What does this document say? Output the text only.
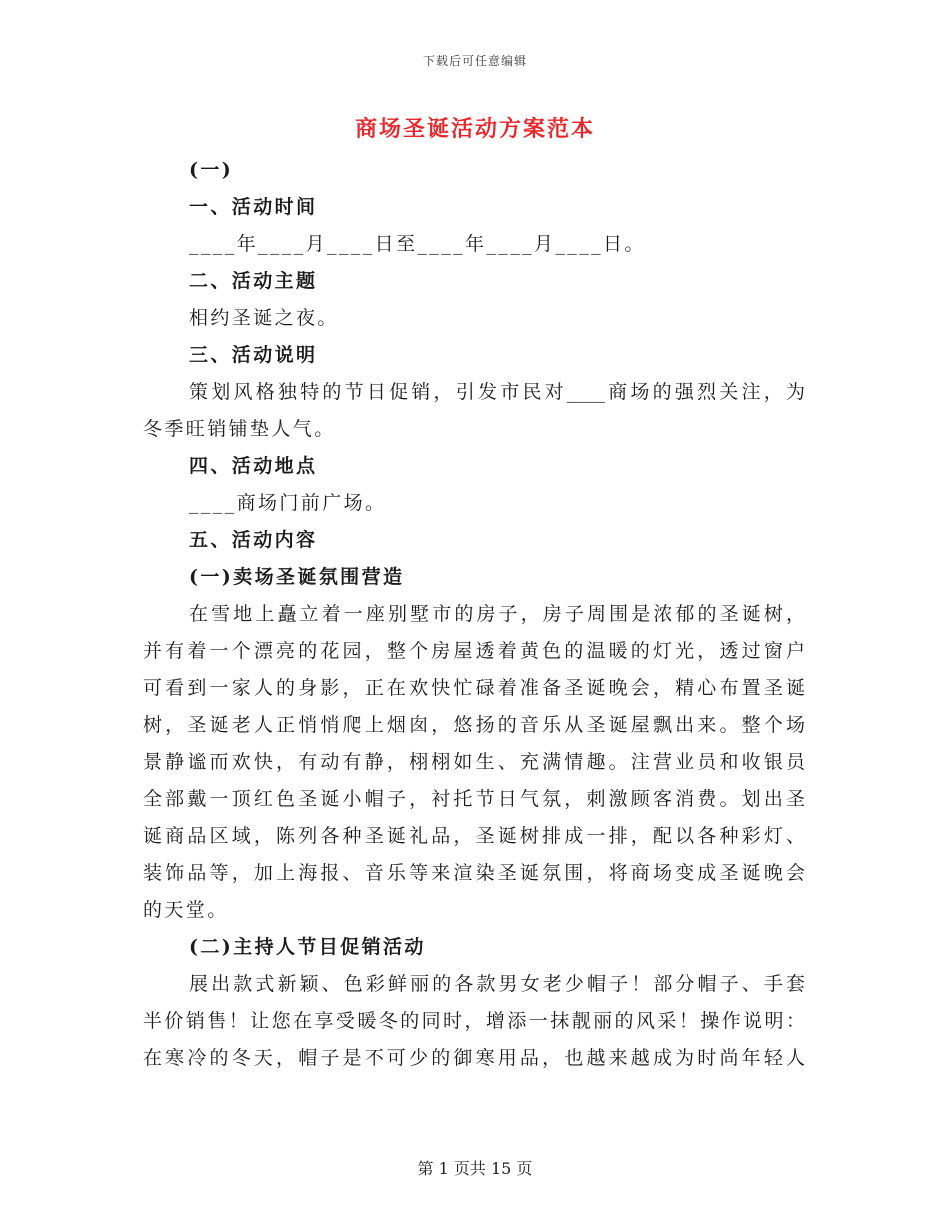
下载后可任意编辑
商场圣诞活动方案范本
(一)
一、活动时间
____年____月____日至____年____月____日。
二、活动主题
相约圣诞之夜。
三、活动说明
策划风格独特的节日促销，引发市民对____商场的强烈关注，为
冬季旺销铺垫人气。
四、活动地点
____商场门前广场。
五、活动内容
(一)卖场圣诞氛围营造
在雪地上矗立着一座别墅市的房子，房子周围是浓郁的圣诞树，
并有着一个漂亮的花园，整个房屋透着黄色的温暖的灯光，透过窗户
可看到一家人的身影，正在欢快忙碌着准备圣诞晚会，精心布置圣诞
树，圣诞老人正悄悄爬上烟囱，悠扬的音乐从圣诞屋飘出来。整个场
景静谧而欢快，有动有静，栩栩如生、充满情趣。注营业员和收银员
全部戴一顶红色圣诞小帽子，衬托节日气氛，刺激顾客消费。划出圣
诞商品区域，陈列各种圣诞礼品，圣诞树排成一排，配以各种彩灯、
装饰品等，加上海报、音乐等来渲染圣诞氛围，将商场变成圣诞晚会
的天堂。
(二)主持人节目促销活动
展出款式新颖、色彩鲜丽的各款男女老少帽子！部分帽子、手套
半价销售！让您在享受暖冬的同时，增添一抹靓丽的风采！操作说明：
在寒冷的冬天，帽子是不可少的御寒用品，也越来越成为时尚年轻人
第 1 页共 15 页
